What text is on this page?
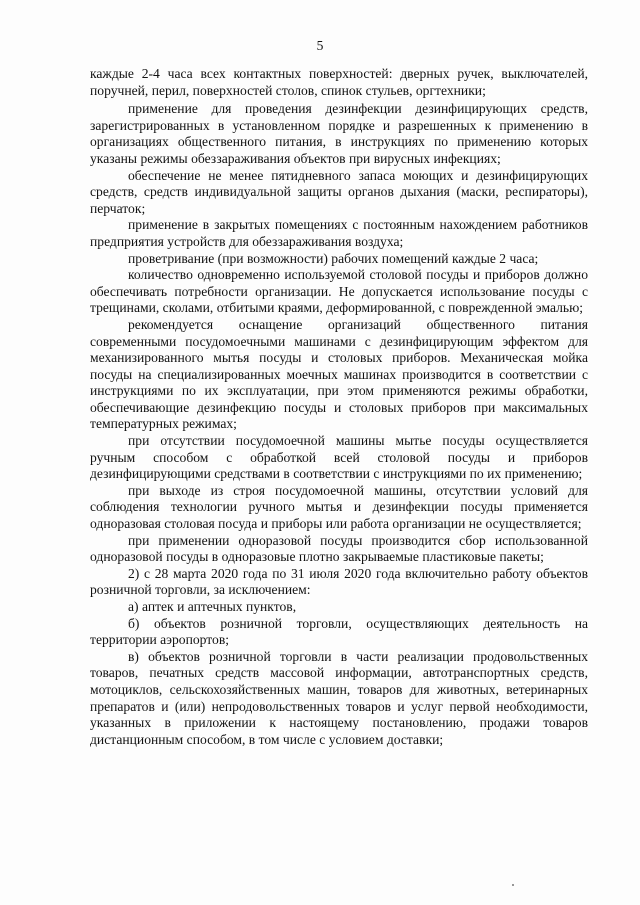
5

каждые 2-4 часа всех контактных поверхностей: дверных ручек, выключателей, поручней, перил, поверхностей столов, спинок стульев, оргтехники;

применение для проведения дезинфекции дезинфицирующих средств, зарегистрированных в установленном порядке и разрешенных к применению в организациях общественного питания, в инструкциях по применению которых указаны режимы обеззараживания объектов при вирусных инфекциях;

обеспечение не менее пятидневного запаса моющих и дезинфицирующих средств, средств индивидуальной защиты органов дыхания (маски, респираторы), перчаток;

применение в закрытых помещениях с постоянным нахождением работников предприятия устройств для обеззараживания воздуха;

проветривание (при возможности) рабочих помещений каждые 2 часа;

количество одновременно используемой столовой посуды и приборов должно обеспечивать потребности организации. Не допускается использование посуды с трещинами, сколами, отбитыми краями, деформированной, с поврежденной эмалью;

рекомендуется оснащение организаций общественного питания современными посудомоечными машинами с дезинфицирующим эффектом для механизированного мытья посуды и столовых приборов. Механическая мойка посуды на специализированных моечных машинах производится в соответствии с инструкциями по их эксплуатации, при этом применяются режимы обработки, обеспечивающие дезинфекцию посуды и столовых приборов при максимальных температурных режимах;

при отсутствии посудомоечной машины мытье посуды осуществляется ручным способом с обработкой всей столовой посуды и приборов дезинфицирующими средствами в соответствии с инструкциями по их применению;

при выходе из строя посудомоечной машины, отсутствии условий для соблюдения технологии ручного мытья и дезинфекции посуды применяется одноразовая столовая посуда и приборы или работа организации не осуществляется;

при применении одноразовой посуды производится сбор использованной одноразовой посуды в одноразовые плотно закрываемые пластиковые пакеты;

2) с 28 марта 2020 года по 31 июля 2020 года включительно работу объектов розничной торговли, за исключением:

а) аптек и аптечных пунктов,

б) объектов розничной торговли, осуществляющих деятельность на территории аэропортов;

в) объектов розничной торговли в части реализации продовольственных товаров, печатных средств массовой информации, автотранспортных средств, мотоциклов, сельскохозяйственных машин, товаров для животных, ветеринарных препаратов и (или) непродовольственных товаров и услуг первой необходимости, указанных в приложении к настоящему постановлению, продажи товаров дистанционным способом, в том числе с условием доставки;
